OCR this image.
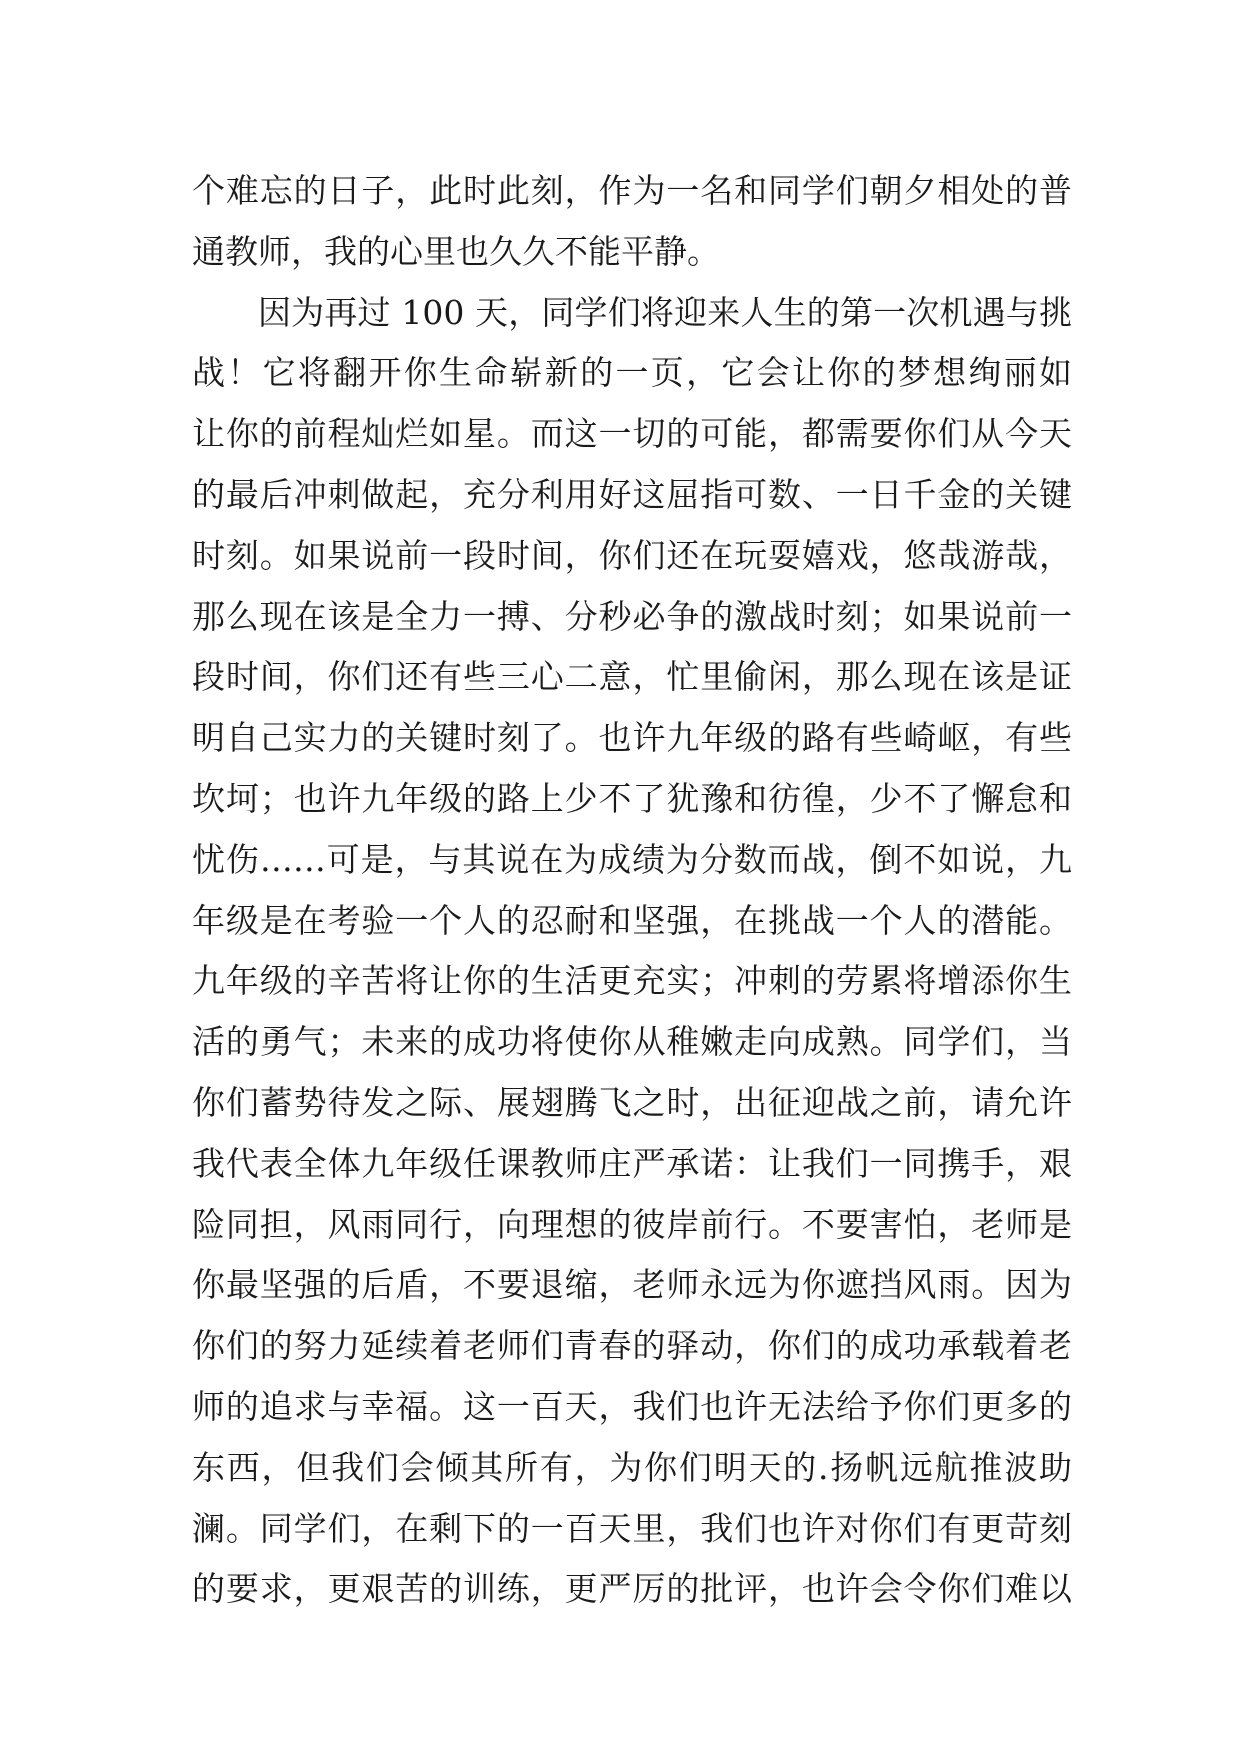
个难忘的日子，此时此刻，作为一名和同学们朝夕相处的普
通教师，我的心里也久久不能平静。
因为再过 100 天，同学们将迎来人生的第一次机遇与挑
战！它将翻开你生命崭新的一页，它会让你的梦想绚丽如
让你的前程灿烂如星。而这一切的可能，都需要你们从今天
的最后冲刺做起，充分利用好这屈指可数、一日千金的关键
时刻。如果说前一段时间，你们还在玩耍嬉戏，悠哉游哉，
那么现在该是全力一搏、分秒必争的激战时刻；如果说前一
段时间，你们还有些三心二意，忙里偷闲，那么现在该是证
明自己实力的关键时刻了。也许九年级的路有些崎岖，有些
坎坷；也许九年级的路上少不了犹豫和彷徨，少不了懈怠和
忧伤……可是，与其说在为成绩为分数而战，倒不如说，九
年级是在考验一个人的忍耐和坚强，在挑战一个人的潜能。
九年级的辛苦将让你的生活更充实；冲刺的劳累将增添你生
活的勇气；未来的成功将使你从稚嫩走向成熟。同学们，当
你们蓄势待发之际、展翅腾飞之时，出征迎战之前，请允许
我代表全体九年级任课教师庄严承诺：让我们一同携手，艰
险同担，风雨同行，向理想的彼岸前行。不要害怕，老师是
你最坚强的后盾，不要退缩，老师永远为你遮挡风雨。因为
你们的努力延续着老师们青春的驿动，你们的成功承载着老
师的追求与幸福。这一百天，我们也许无法给予你们更多的
东西，但我们会倾其所有，为你们明天的.扬帆远航推波助
澜。同学们，在剩下的一百天里，我们也许对你们有更苛刻
的要求，更艰苦的训练，更严厉的批评，也许会令你们难以
